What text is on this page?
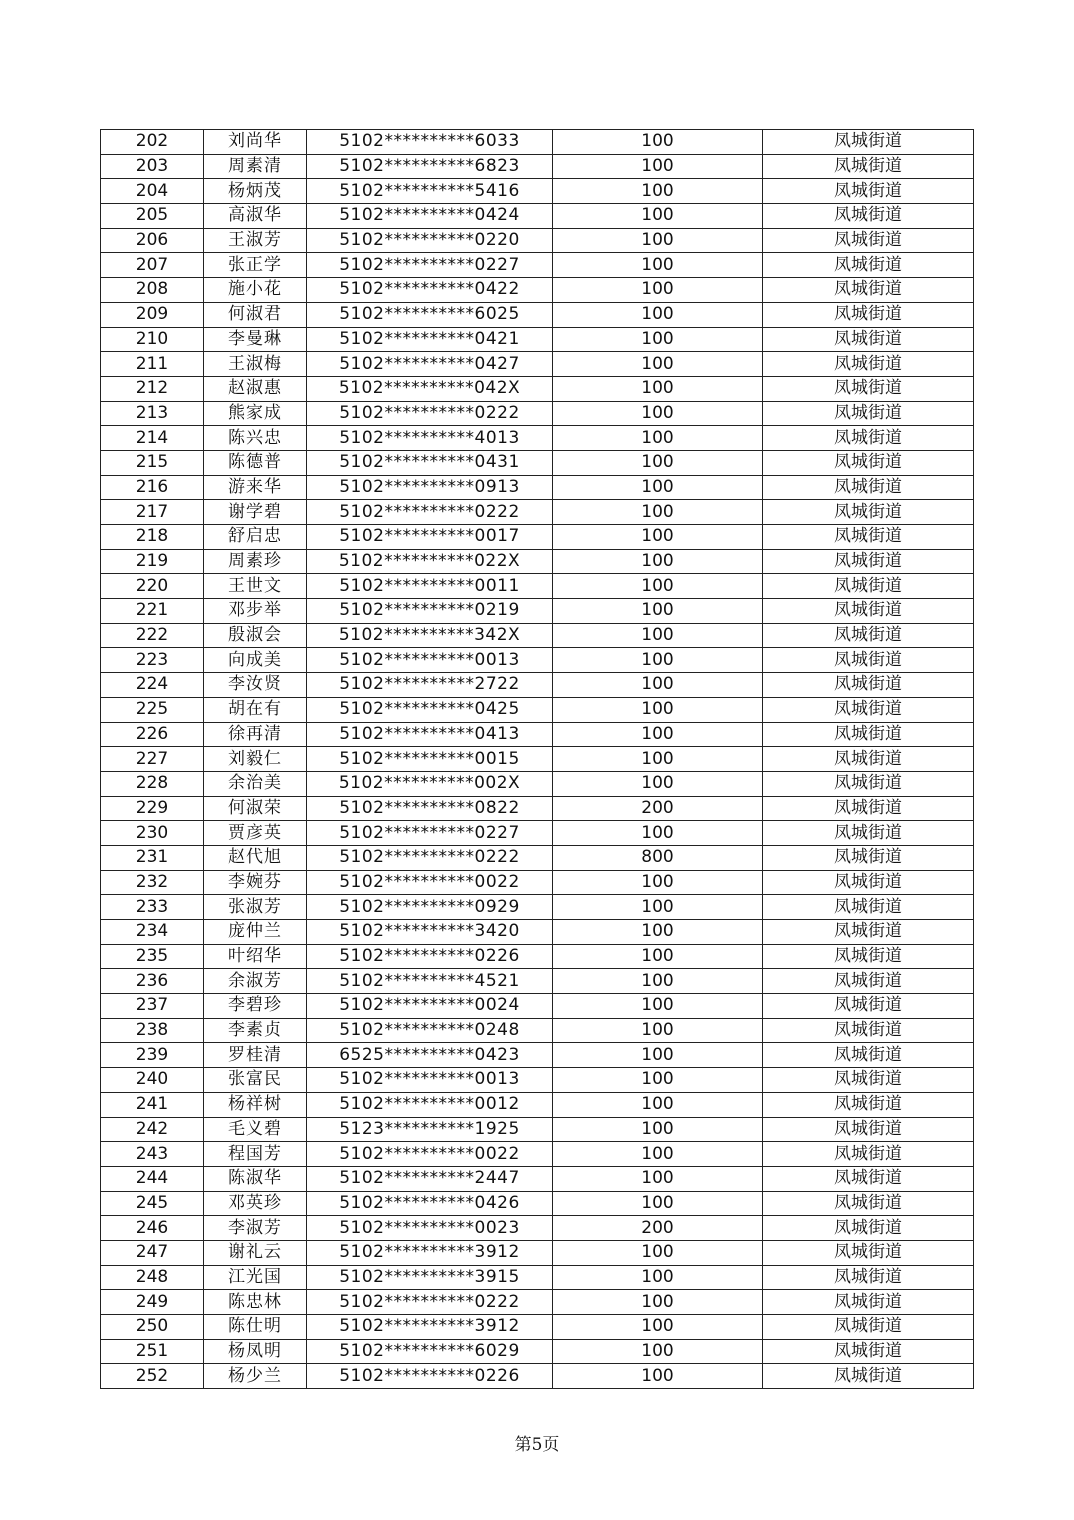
202	刘尚华	5102**********6033	100	凤城街道
203	周素清	5102**********6823	100	凤城街道
204	杨炳茂	5102**********5416	100	凤城街道
205	高淑华	5102**********0424	100	凤城街道
206	王淑芳	5102**********0220	100	凤城街道
207	张正学	5102**********0227	100	凤城街道
208	施小花	5102**********0422	100	凤城街道
209	何淑君	5102**********6025	100	凤城街道
210	李曼琳	5102**********0421	100	凤城街道
211	王淑梅	5102**********0427	100	凤城街道
212	赵淑惠	5102**********042X	100	凤城街道
213	熊家成	5102**********0222	100	凤城街道
214	陈兴忠	5102**********4013	100	凤城街道
215	陈德普	5102**********0431	100	凤城街道
216	游来华	5102**********0913	100	凤城街道
217	谢学碧	5102**********0222	100	凤城街道
218	舒启忠	5102**********0017	100	凤城街道
219	周素珍	5102**********022X	100	凤城街道
220	王世文	5102**********0011	100	凤城街道
221	邓步举	5102**********0219	100	凤城街道
222	殷淑会	5102**********342X	100	凤城街道
223	向成美	5102**********0013	100	凤城街道
224	李汝贤	5102**********2722	100	凤城街道
225	胡在有	5102**********0425	100	凤城街道
226	徐再清	5102**********0413	100	凤城街道
227	刘毅仁	5102**********0015	100	凤城街道
228	余治美	5102**********002X	100	凤城街道
229	何淑荣	5102**********0822	200	凤城街道
230	贾彦英	5102**********0227	100	凤城街道
231	赵代旭	5102**********0222	800	凤城街道
232	李婉芬	5102**********0022	100	凤城街道
233	张淑芳	5102**********0929	100	凤城街道
234	庞仲兰	5102**********3420	100	凤城街道
235	叶绍华	5102**********0226	100	凤城街道
236	余淑芳	5102**********4521	100	凤城街道
237	李碧珍	5102**********0024	100	凤城街道
238	李素贞	5102**********0248	100	凤城街道
239	罗桂清	6525**********0423	100	凤城街道
240	张富民	5102**********0013	100	凤城街道
241	杨祥树	5102**********0012	100	凤城街道
242	毛义碧	5123**********1925	100	凤城街道
243	程国芳	5102**********0022	100	凤城街道
244	陈淑华	5102**********2447	100	凤城街道
245	邓英珍	5102**********0426	100	凤城街道
246	李淑芳	5102**********0023	200	凤城街道
247	谢礼云	5102**********3912	100	凤城街道
248	江光国	5102**********3915	100	凤城街道
249	陈忠林	5102**********0222	100	凤城街道
250	陈仕明	5102**********3912	100	凤城街道
251	杨凤明	5102**********6029	100	凤城街道
252	杨少兰	5102**********0226	100	凤城街道
第5页
